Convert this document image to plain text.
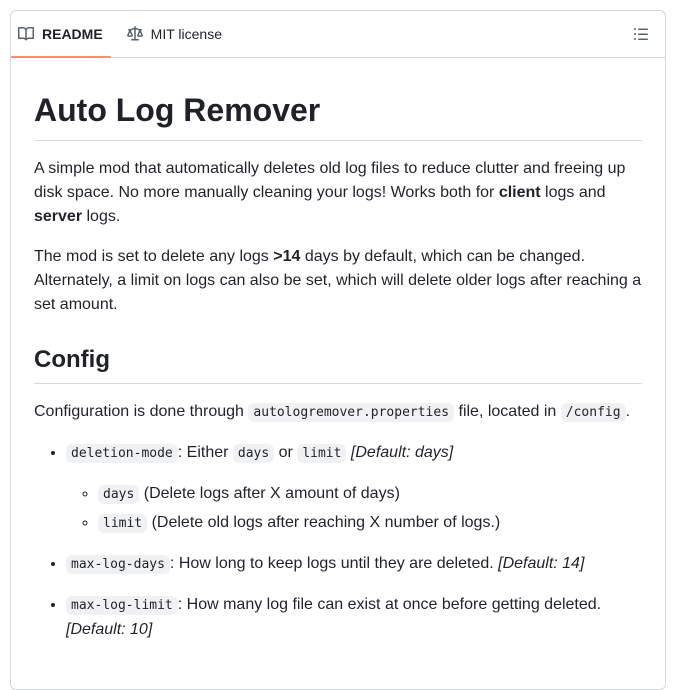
README	MIT license
Auto Log Remover

A simple mod that automatically deletes old log files to reduce clutter and freeing up disk space. No more manually cleaning your logs! Works both for client logs and server logs.

The mod is set to delete any logs >14 days by default, which can be changed. Alternately, a limit on logs can also be set, which will delete older logs after reaching a set amount.

Config

Configuration is done through autologremover.properties file, located in /config .

• deletion-mode : Either days or limit [Default: days]
◦ days (Delete logs after X amount of days)
◦ limit (Delete old logs after reaching X number of logs.)
• max-log-days : How long to keep logs until they are deleted. [Default: 14]
• max-log-limit : How many log file can exist at once before getting deleted. [Default: 10]
